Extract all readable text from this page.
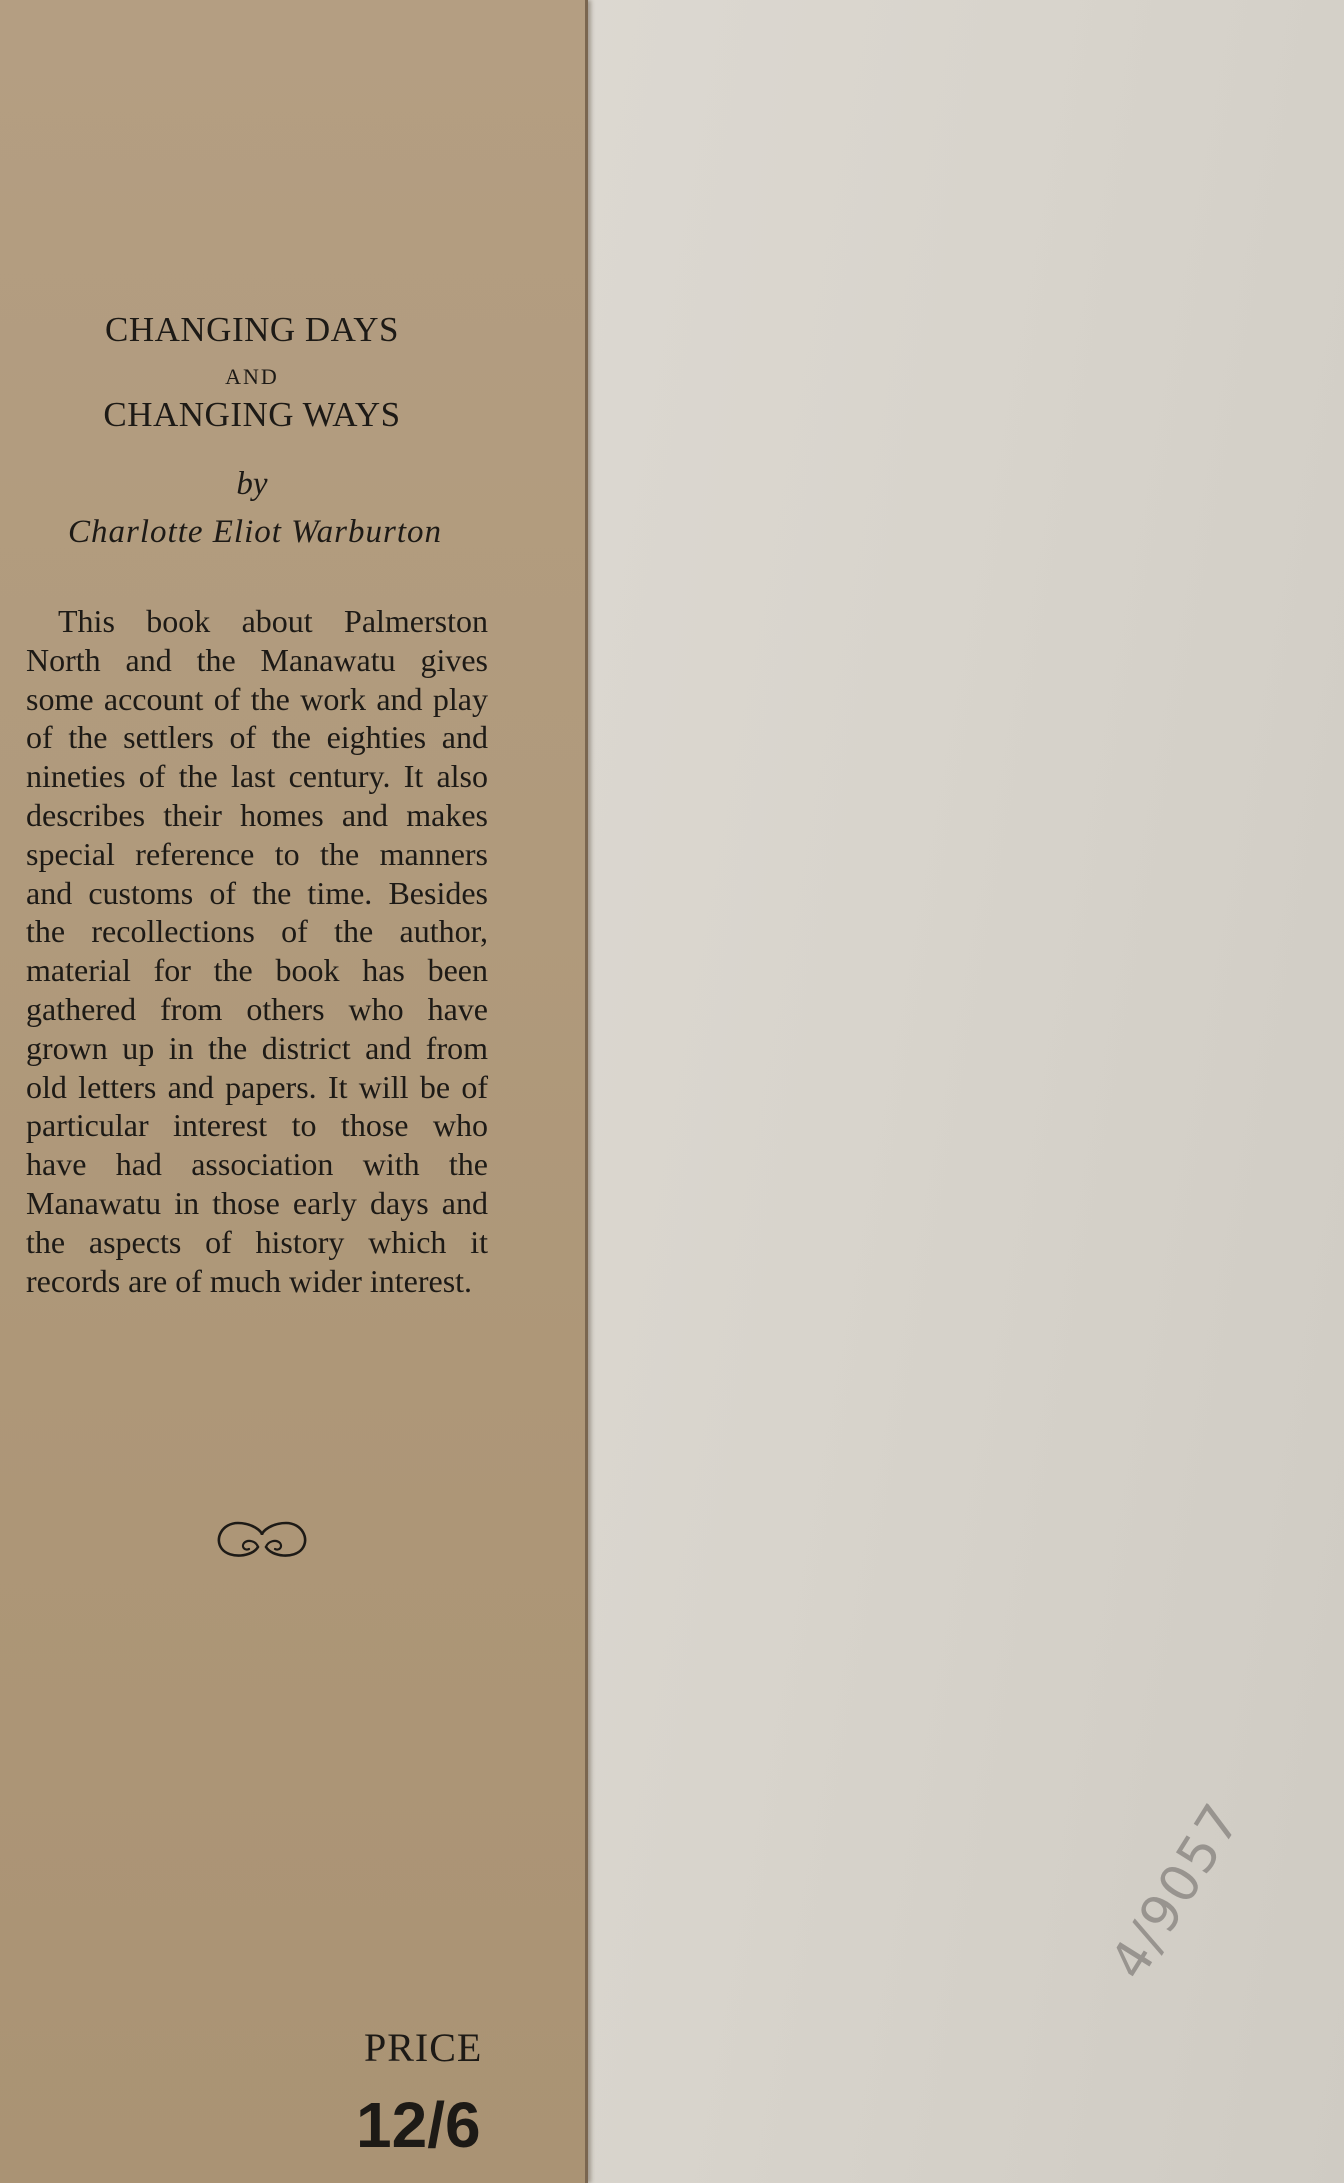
CHANGING DAYS
AND
CHANGING WAYS
by
Charlotte Eliot Warburton

This book about Palmerston North and the Manawatu gives some account of the work and play of the settlers of the eighties and nineties of the last century. It also describes their homes and makes special reference to the manners and customs of the time. Besides the recollections of the author, material for the book has been gathered from others who have grown up in the district and from old letters and papers. It will be of particular interest to those who have had association with the Manawatu in those early days and the aspects of history which it records are of much wider interest.

PRICE
12/6
4/9057
